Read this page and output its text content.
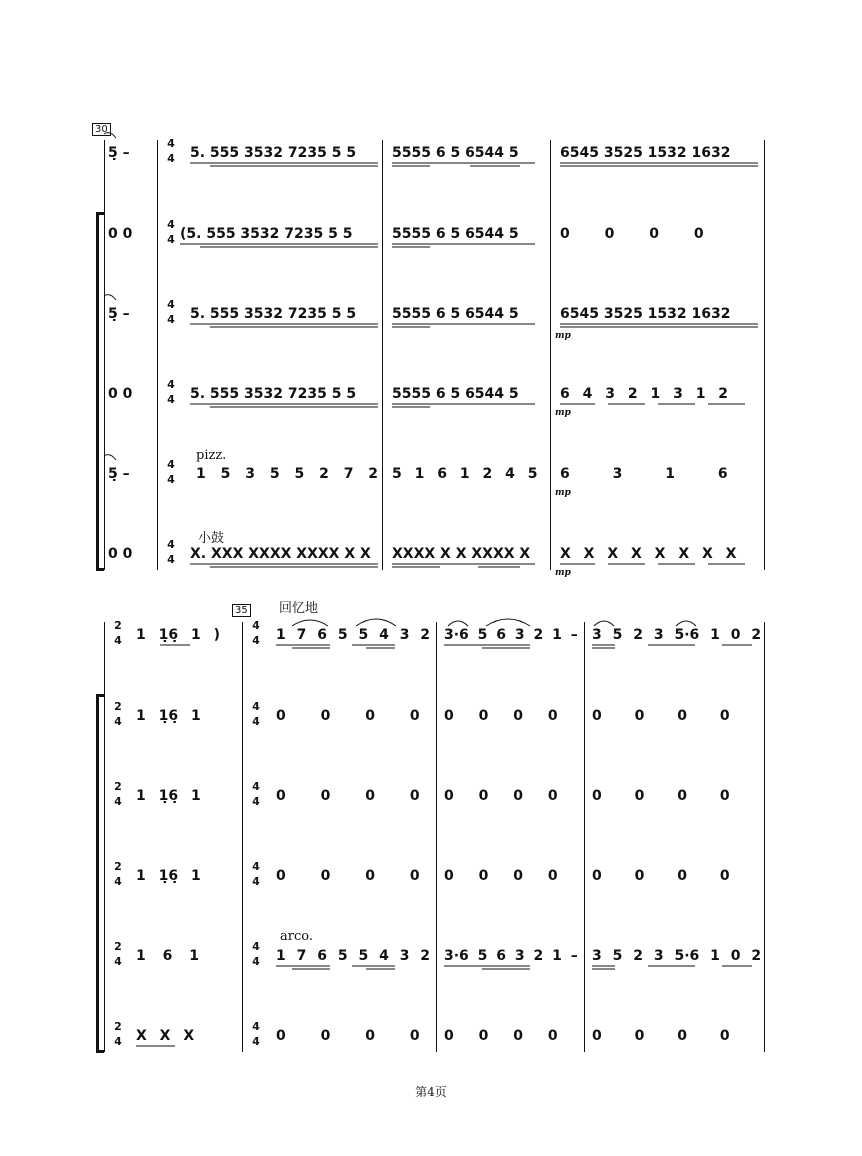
30
5̣ –
4
4 5. 555 3532 7235 5 5	5555 6 5 6544 5	6545 3525 1532 1632
0 0
4
4 (5. 555 3532 7235 5 5	5555 6 5 6544 5	0 0 0 0
5̣ –
4
4 5. 555 3532 7235 5 5	5555 6 5 6544 5	6545 3525 1532 1632
mp
0 0
4
4 5. 555 3532 7235 5 5	5555 6 5 6544 5	6 4 3 2 1 3 1 2
mp
pizz.
5̣ –
4
4 1 5 3 5 5 2 7 2 5 1 6 1 2 4 5 6 3 1 6
mp
小鼓
0 0
4
4 X. XXX XXXX XXXX X X XXXX X X XXXX X X X X X X X X X
mp
回忆地
35
2
4 1 1̣6̣ 1 )
4
4 1 7 6 5 5 4 3 2 3·6 5 6 3 2 1 – 3 5 2 3 5·6 1 0 2
2
4 1 1̣6̣ 1
4
4 0 0 0 0 0 0 0 0 0 0 0 0
2
4 1 1̣6̣ 1
4
4 0 0 0 0 0 0 0 0 0 0 0 0
2
4 1 1̣6̣ 1
4
4 0 0 0 0 0 0 0 0 0 0 0 0
arco.
2
4 1 6 1
4
4 1 7 6 5 5 4 3 2 3·6 5 6 3 2 1 – 3 5 2 3 5·6 1 0 2
2
4 X X X
4
4 0 0 0 0 0 0 0 0 0 0 0 0
第4页
